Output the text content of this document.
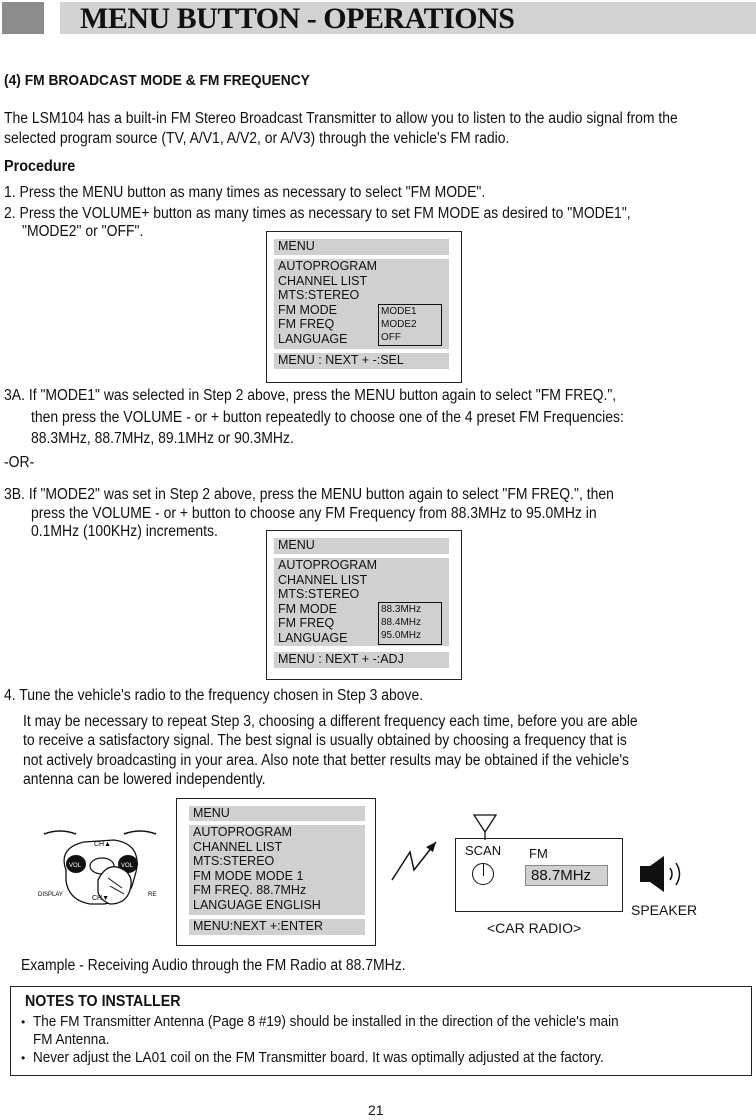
MENU BUTTON - OPERATIONS
(4) FM BROADCAST MODE & FM FREQUENCY
The LSM104 has a built-in FM Stereo Broadcast Transmitter to allow you to listen to the audio signal from the
selected program source (TV, A/V1, A/V2, or A/V3) through the vehicle's FM radio.
Procedure
1. Press the MENU button as many times as necessary to select "FM MODE".
2. Press the VOLUME+ button as many times as necessary to set FM MODE as desired to "MODE1",
"MODE2" or "OFF".
MENU
AUTOPROGRAM
CHANNEL LIST
MTS:STEREO
FM MODE
FM FREQ
LANGUAGE
MODE1
MODE2
OFF
MENU : NEXT + -:SEL
3A. If "MODE1" was selected in Step 2 above, press the MENU button again to select "FM FREQ.",
then press the VOLUME - or + button repeatedly to choose one of the 4 preset FM Frequencies:
88.3MHz, 88.7MHz, 89.1MHz or 90.3MHz.
-OR-
3B. If "MODE2" was set in Step 2 above, press the MENU button again to select "FM FREQ.", then
press the VOLUME - or + button to choose any FM Frequency from 88.3MHz to 95.0MHz in
0.1MHz (100KHz) increments.
MENU
AUTOPROGRAM
CHANNEL LIST
MTS:STEREO
FM MODE
FM FREQ
LANGUAGE
88.3MHz
88.4MHz
95.0MHz
MENU : NEXT + -:ADJ
4. Tune the vehicle's radio to the frequency chosen in Step 3 above.
It may be necessary to repeat Step 3, choosing a different frequency each time, before you are able
to receive a satisfactory signal. The best signal is usually obtained by choosing a frequency that is
not actively broadcasting in your area. Also note that better results may be obtained if the vehicle's
antenna can be lowered independently.
CH▲
VOL	VOL
CH▼
DISPLAY	RE
MENU
AUTOPROGRAM
CHANNEL LIST
MTS:STEREO
FM MODE MODE 1
FM FREQ. 88.7MHz
LANGUAGE ENGLISH
MENU:NEXT +:ENTER
SCAN FM
88.7MHz
<CAR RADIO>
SPEAKER
Example - Receiving Audio through the FM Radio at 88.7MHz.
NOTES TO INSTALLER
• The FM Transmitter Antenna (Page 8 #19) should be installed in the direction of the vehicle's main
FM Antenna.
• Never adjust the LA01 coil on the FM Transmitter board. It was optimally adjusted at the factory.
21
